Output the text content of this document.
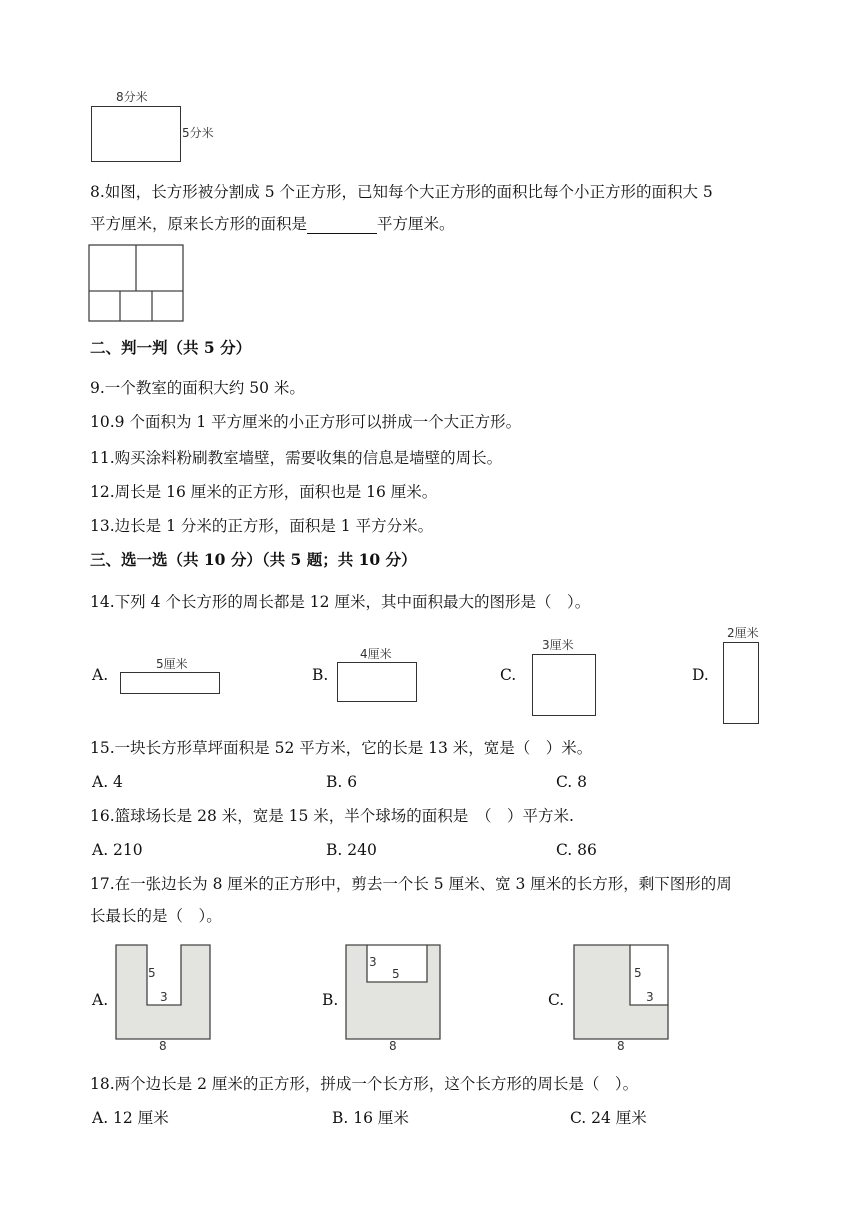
8分米
5分米
8.如图，长方形被分割成 5 个正方形，已知每个大正方形的面积比每个小正方形的面积大 5
平方厘米，原来长方形的面积是	平方厘米。
二、判一判（共 5 分）
9.一个教室的面积大约 50 米。
10.9 个面积为 1 平方厘米的小正方形可以拼成一个大正方形。
11.购买涂料粉刷教室墙壁，需要收集的信息是墙壁的周长。
12.周长是 16 厘米的正方形，面积也是 16 厘米。
13.边长是 1 分米的正方形，面积是 1 平方分米。
三、选一选（共 10 分）（共 5 题；共 10 分）
14.下列 4 个长方形的周长都是 12 厘米，其中面积最大的图形是（　）。
A.
5厘米
B.
4厘米
C.
3厘米
D.
2厘米
15.一块长方形草坪面积是 52 平方米，它的长是 13 米，宽是（　）米。
A. 4	B. 6	C. 8
16.篮球场长是 28 米，宽是 15 米，半个球场的面积是　（　）平方米.
A. 210	B. 240	C. 86
17.在一张边长为 8 厘米的正方形中，剪去一个长 5 厘米、宽 3 厘米的长方形，剩下图形的周
长最长的是（　）。
A.
5
3
8
B.
3
5
8
C.
5
3
8
18.两个边长是 2 厘米的正方形，拼成一个长方形，这个长方形的周长是（　）。
A. 12 厘米	B. 16 厘米	C. 24 厘米
